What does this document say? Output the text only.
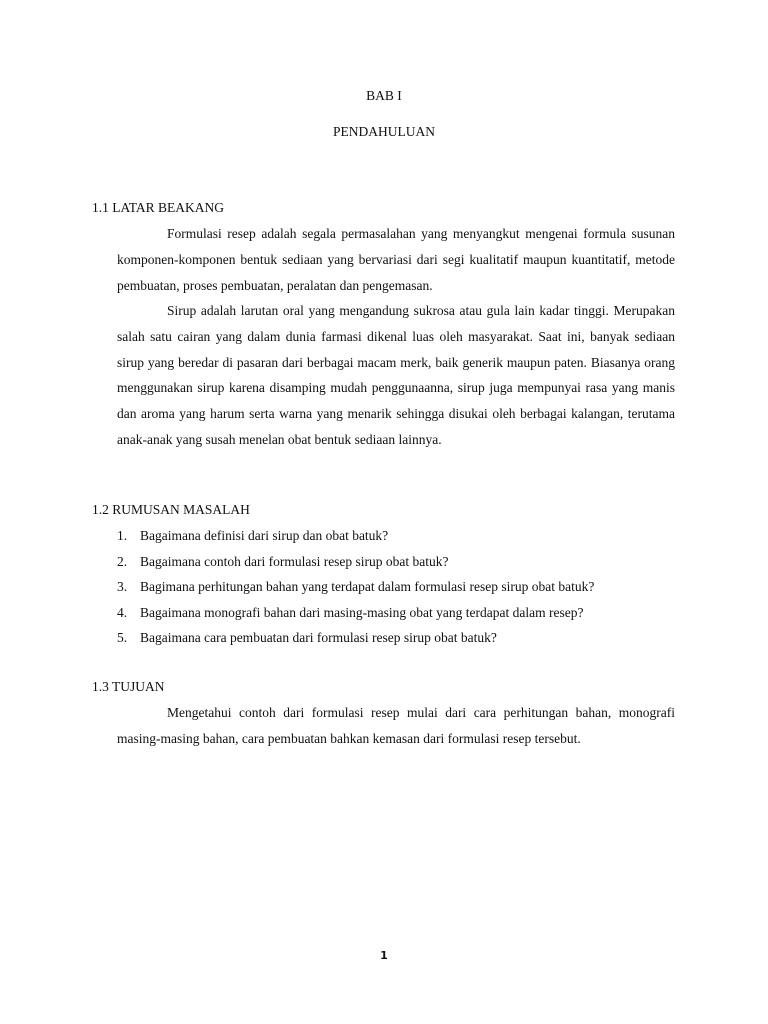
BAB I
PENDAHULUAN
1.1 LATAR BEAKANG

Formulasi resep adalah segala permasalahan yang menyangkut mengenai formula susunan komponen-komponen bentuk sediaan yang bervariasi dari segi kualitatif maupun kuantitatif, metode pembuatan, proses pembuatan, peralatan dan pengemasan.

Sirup adalah larutan oral yang mengandung sukrosa atau gula lain kadar tinggi. Merupakan salah satu cairan yang dalam dunia farmasi dikenal luas oleh masyarakat. Saat ini, banyak sediaan sirup yang beredar di pasaran dari berbagai macam merk, baik generik maupun paten. Biasanya orang menggunakan sirup karena disamping mudah penggunaanna, sirup juga mempunyai rasa yang manis dan aroma yang harum serta warna yang menarik sehingga disukai oleh berbagai kalangan, terutama anak-anak yang susah menelan obat bentuk sediaan lainnya.

1.2 RUMUSAN MASALAH
1. Bagaimana definisi dari sirup dan obat batuk?
2. Bagaimana contoh dari formulasi resep sirup obat batuk?
3. Bagimana perhitungan bahan yang terdapat dalam formulasi resep sirup obat batuk?
4. Bagaimana monografi bahan dari masing-masing obat yang terdapat dalam resep?
5. Bagaimana cara pembuatan dari formulasi resep sirup obat batuk?
1.3 TUJUAN

Mengetahui contoh dari formulasi resep mulai dari cara perhitungan bahan, monografi masing-masing bahan, cara pembuatan bahkan kemasan dari formulasi resep tersebut.

1
